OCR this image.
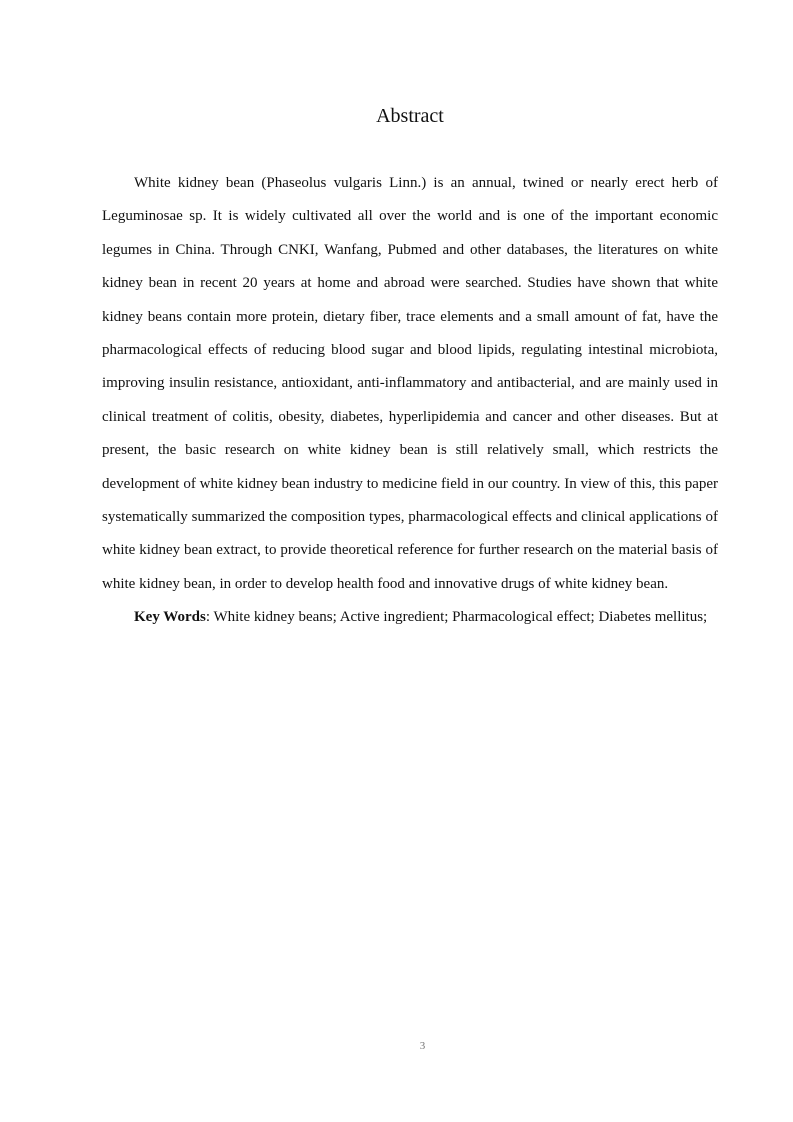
Abstract

White kidney bean (Phaseolus vulgaris Linn.) is an annual, twined or nearly erect herb of Leguminosae sp. It is widely cultivated all over the world and is one of the important economic legumes in China. Through CNKI, Wanfang, Pubmed and other databases, the literatures on white kidney bean in recent 20 years at home and abroad were searched. Studies have shown that white kidney beans contain more protein, dietary fiber, trace elements and a small amount of fat, have the pharmacological effects of reducing blood sugar and blood lipids, regulating intestinal microbiota, improving insulin resistance, antioxidant, anti-inflammatory and antibacterial, and are mainly used in clinical treatment of colitis, obesity, diabetes, hyperlipidemia and cancer and other diseases. But at present, the basic research on white kidney bean is still relatively small, which restricts the development of white kidney bean industry to medicine field in our country. In view of this, this paper systematically summarized the composition types, pharmacological effects and clinical applications of white kidney bean extract, to provide theoretical reference for further research on the material basis of white kidney bean, in order to develop health food and innovative drugs of white kidney bean.

Key Words: White kidney beans; Active ingredient; Pharmacological effect; Diabetes mellitus;

3
